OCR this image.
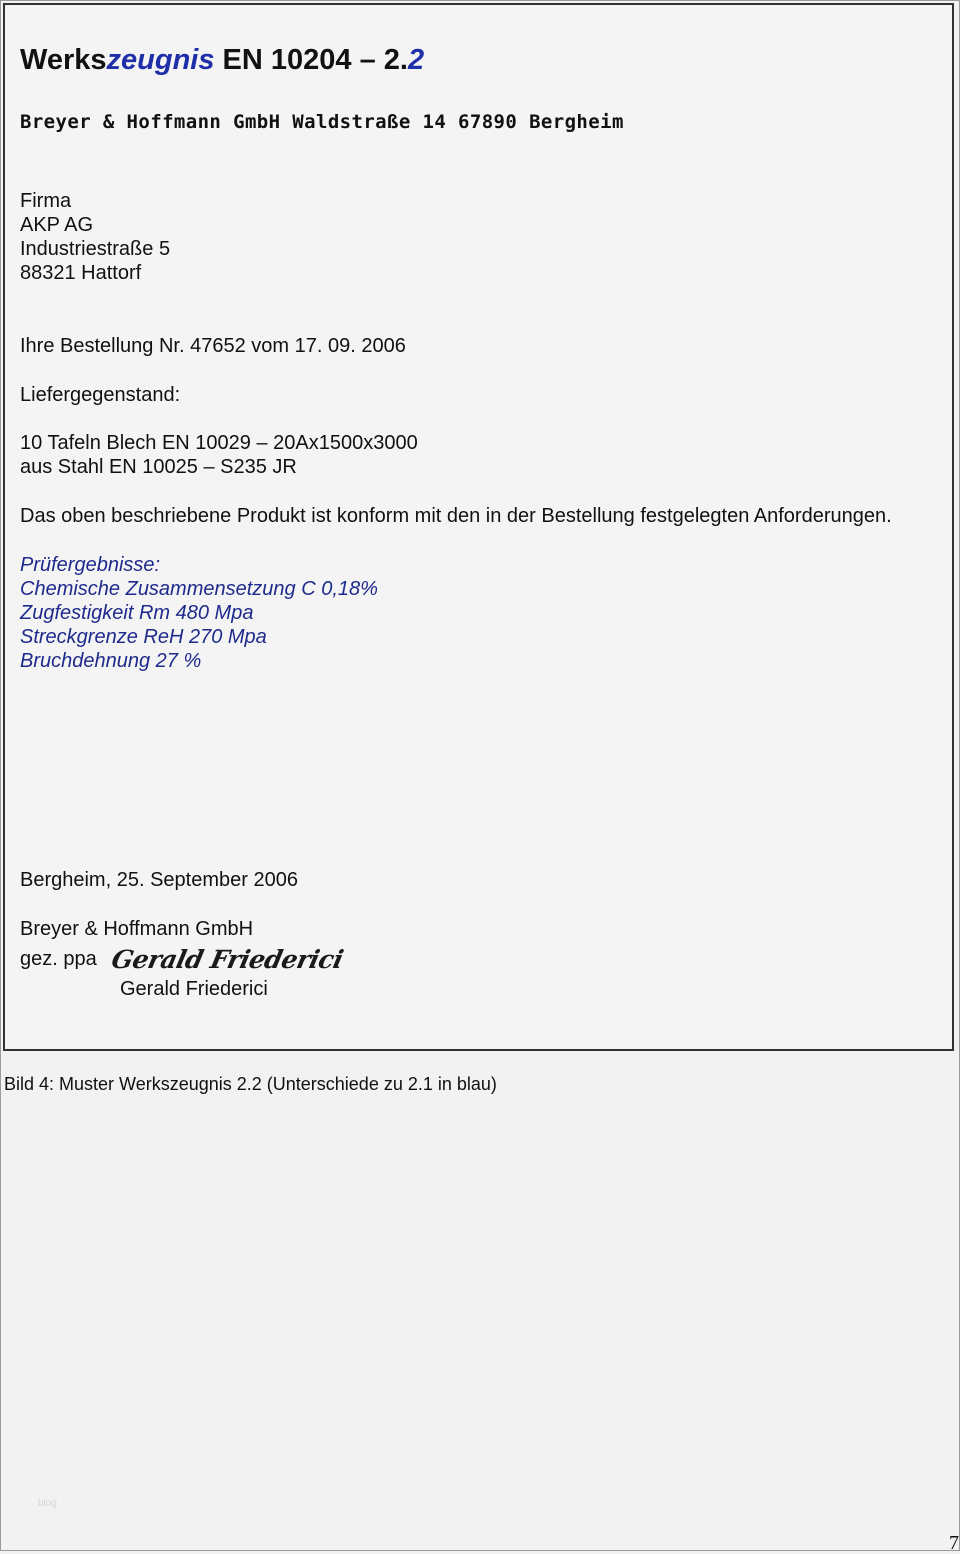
Werkszeugnis EN 10204 – 2.2
Breyer & Hoffmann GmbH Waldstraße 14 67890 Bergheim
Firma
AKP AG
Industriestraße 5
88321 Hattorf
Ihre Bestellung Nr. 47652 vom 17. 09. 2006
Liefergegenstand:
10 Tafeln Blech EN 10029 – 20Ax1500x3000
aus Stahl EN 10025 – S235 JR
Das oben beschriebene Produkt ist konform mit den in der Bestellung festgelegten Anforderungen.
Prüfergebnisse:
Chemische Zusammensetzung C 0,18%
Zugfestigkeit Rm 480 Mpa
Streckgrenze ReH 270 Mpa
Bruchdehnung 27 %
Bergheim, 25. September 2006
Breyer & Hoffmann GmbH
gez. ppa Gerald Friederici
Gerald Friederici
Bild 4: Muster Werkszeugnis 2.2 (Unterschiede zu 2.1 in blau)
blog
7
